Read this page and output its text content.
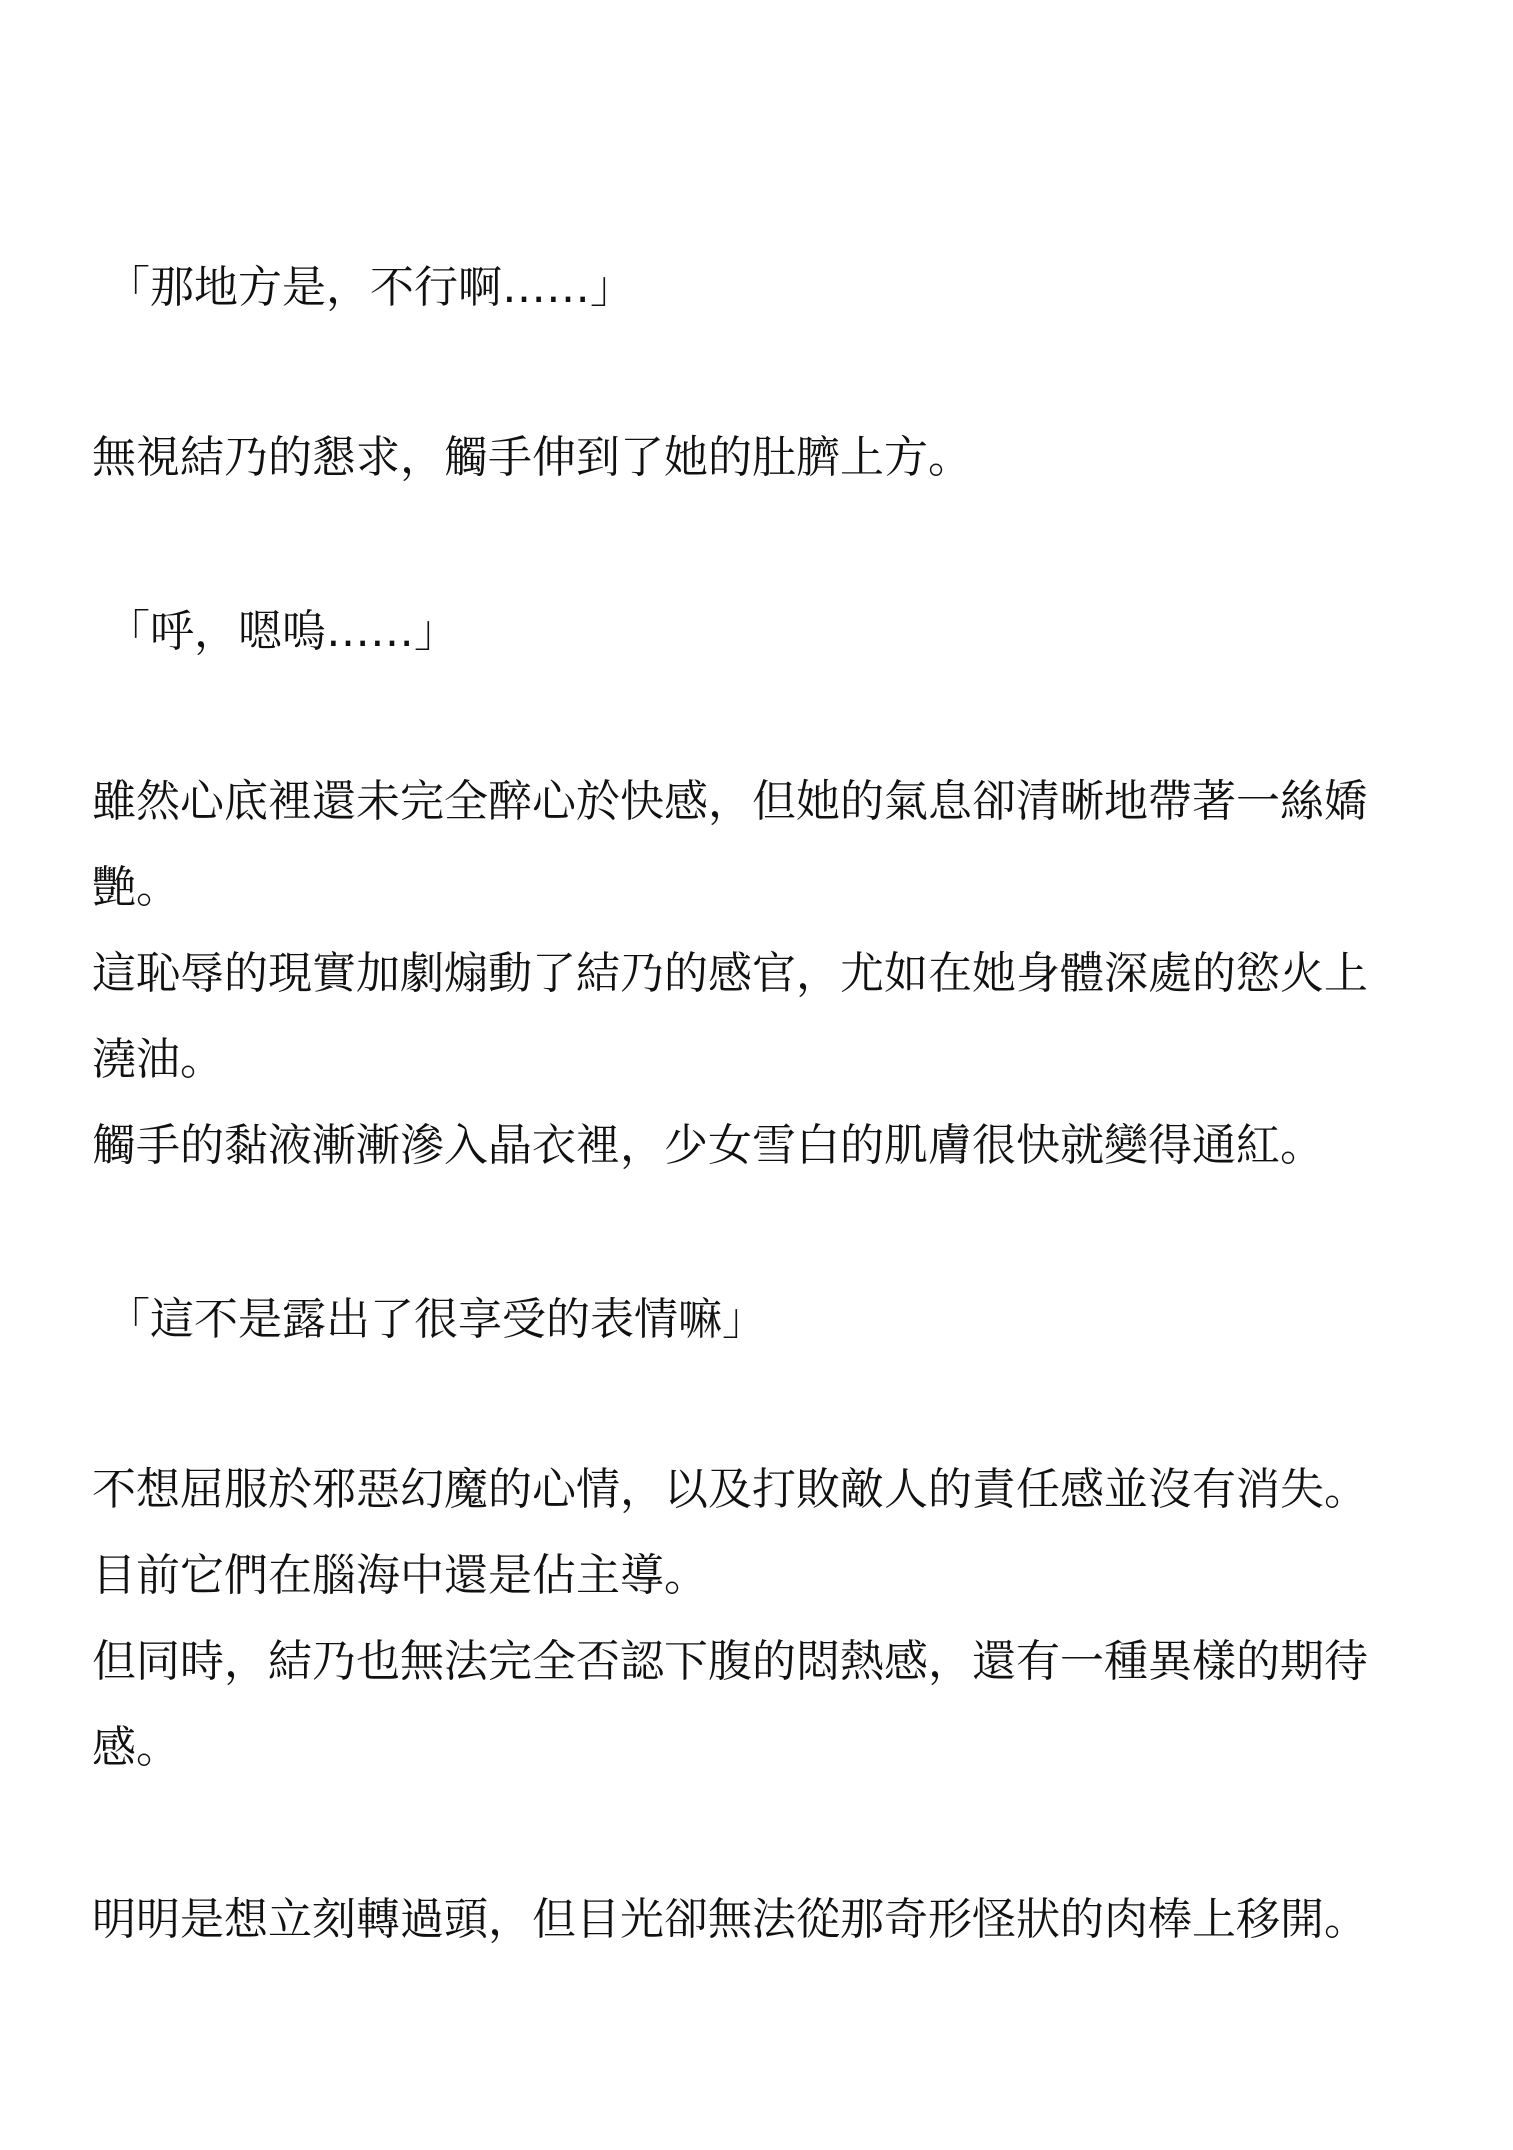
「那地方是，不行啊……」
無視結乃的懇求，觸手伸到了她的肚臍上方。
「呼，嗯嗚……」
雖然心底裡還未完全醉心於快感，但她的氣息卻清晰地帶著一絲嬌
艷。
這恥辱的現實加劇煽動了結乃的感官，尤如在她身體深處的慾火上
澆油。
觸手的黏液漸漸滲入晶衣裡，少女雪白的肌膚很快就變得通紅。
「這不是露出了很享受的表情嘛」
不想屈服於邪惡幻魔的心情，以及打敗敵人的責任感並沒有消失。
目前它們在腦海中還是佔主導。
但同時，結乃也無法完全否認下腹的悶熱感，還有一種異樣的期待
感。
明明是想立刻轉過頭，但目光卻無法從那奇形怪狀的肉棒上移開。
